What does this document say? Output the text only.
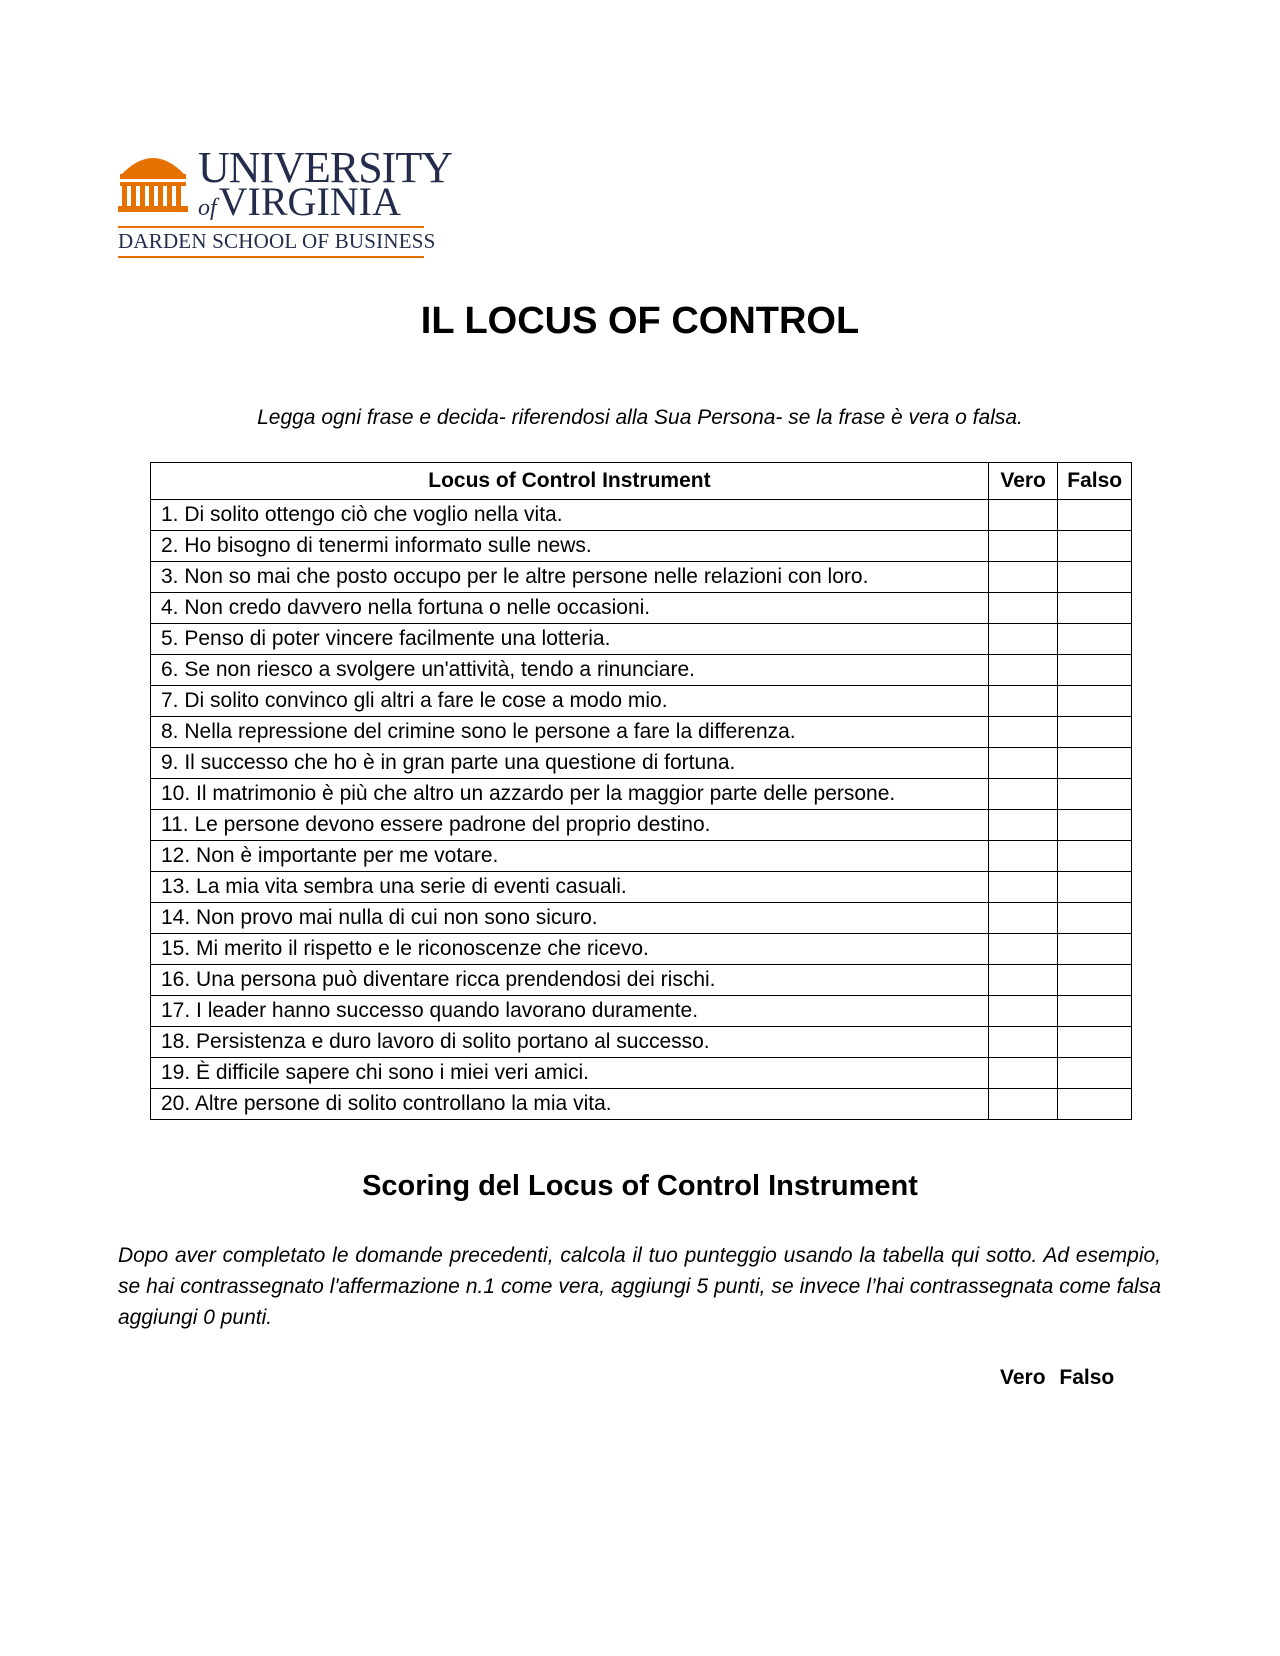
UNIVERSITY
ofVIRGINIA
DARDEN SCHOOL OF BUSINESS
IL LOCUS OF CONTROL
Legga ogni frase e decida- riferendosi alla Sua Persona- se la frase è vera o falsa.
Locus of Control Instrument	Vero	Falso
1. Di solito ottengo ciò che voglio nella vita.		
2. Ho bisogno di tenermi informato sulle news.		
3. Non so mai che posto occupo per le altre persone nelle relazioni con loro.		
4. Non credo davvero nella fortuna o nelle occasioni.		
5. Penso di poter vincere facilmente una lotteria.		
6. Se non riesco a svolgere un'attività, tendo a rinunciare.		
7. Di solito convinco gli altri a fare le cose a modo mio.		
8. Nella repressione del crimine sono le persone a fare la differenza.		
9. Il successo che ho è in gran parte una questione di fortuna.		
10. Il matrimonio è più che altro un azzardo per la maggior parte delle persone.		
11. Le persone devono essere padrone del proprio destino.		
12. Non è importante per me votare.		
13. La mia vita sembra una serie di eventi casuali.		
14. Non provo mai nulla di cui non sono sicuro.		
15. Mi merito il rispetto e le riconoscenze che ricevo.		
16. Una persona può diventare ricca prendendosi dei rischi.		
17. I leader hanno successo quando lavorano duramente.		
18. Persistenza e duro lavoro di solito portano al successo.		
19. È difficile sapere chi sono i miei veri amici.		
20. Altre persone di solito controllano la mia vita.		
Scoring del Locus of Control Instrument
Dopo aver completato le domande precedenti, calcola il tuo punteggio usando la tabella qui sotto. Ad esempio, se hai contrassegnato l'affermazione n.1 come vera, aggiungi 5 punti, se invece l’hai contrassegnata come falsa aggiungi 0 punti.
Vero Falso
